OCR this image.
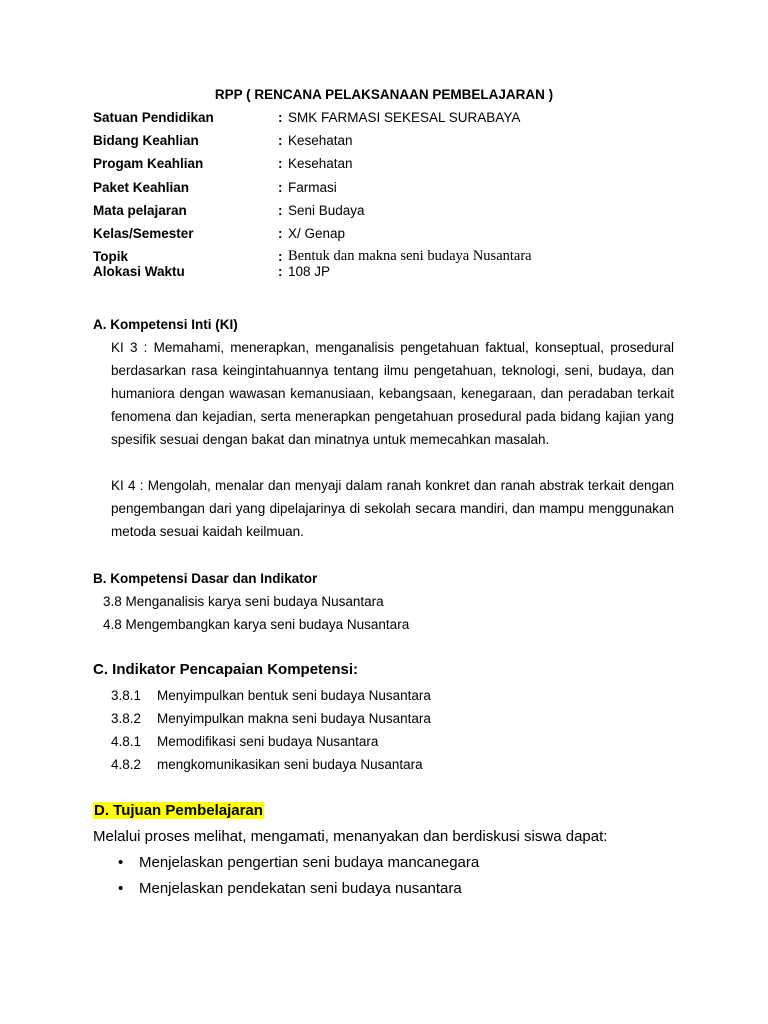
RPP ( RENCANA PELAKSANAAN PEMBELAJARAN )
Satuan Pendidikan	: SMK FARMASI SEKESAL SURABAYA
Bidang Keahlian	: Kesehatan
Progam Keahlian	: Kesehatan
Paket Keahlian	: Farmasi
Mata pelajaran	: Seni Budaya
Kelas/Semester	: X/ Genap
Topik	: Bentuk dan makna seni budaya Nusantara
Alokasi Waktu	: 108 JP
A. Kompetensi Inti (KI)

KI 3 : Memahami, menerapkan, menganalisis pengetahuan faktual, konseptual, prosedural berdasarkan rasa keingintahuannya tentang ilmu pengetahuan, teknologi, seni, budaya, dan humaniora dengan wawasan kemanusiaan, kebangsaan, kenegaraan, dan peradaban terkait fenomena dan kejadian, serta menerapkan pengetahuan prosedural pada bidang kajian yang spesifik sesuai dengan bakat dan minatnya untuk memecahkan masalah.

KI 4 : Mengolah, menalar dan menyaji dalam ranah konkret dan ranah abstrak terkait dengan pengembangan dari yang dipelajarinya di sekolah secara mandiri, dan mampu menggunakan metoda sesuai kaidah keilmuan.

B. Kompetensi Dasar dan Indikator
3.8 Menganalisis karya seni budaya Nusantara
4.8 Mengembangkan karya seni budaya Nusantara
C. Indikator Pencapaian Kompetensi:
3.8.1 Menyimpulkan bentuk seni budaya Nusantara
3.8.2 Menyimpulkan makna seni budaya Nusantara
4.8.1 Memodifikasi seni budaya Nusantara
4.8.2 mengkomunikasikan seni budaya Nusantara
D. Tujuan Pembelajaran
Melalui proses melihat, mengamati, menanyakan dan berdiskusi siswa dapat:
• Menjelaskan pengertian seni budaya mancanegara
• Menjelaskan pendekatan seni budaya nusantara
